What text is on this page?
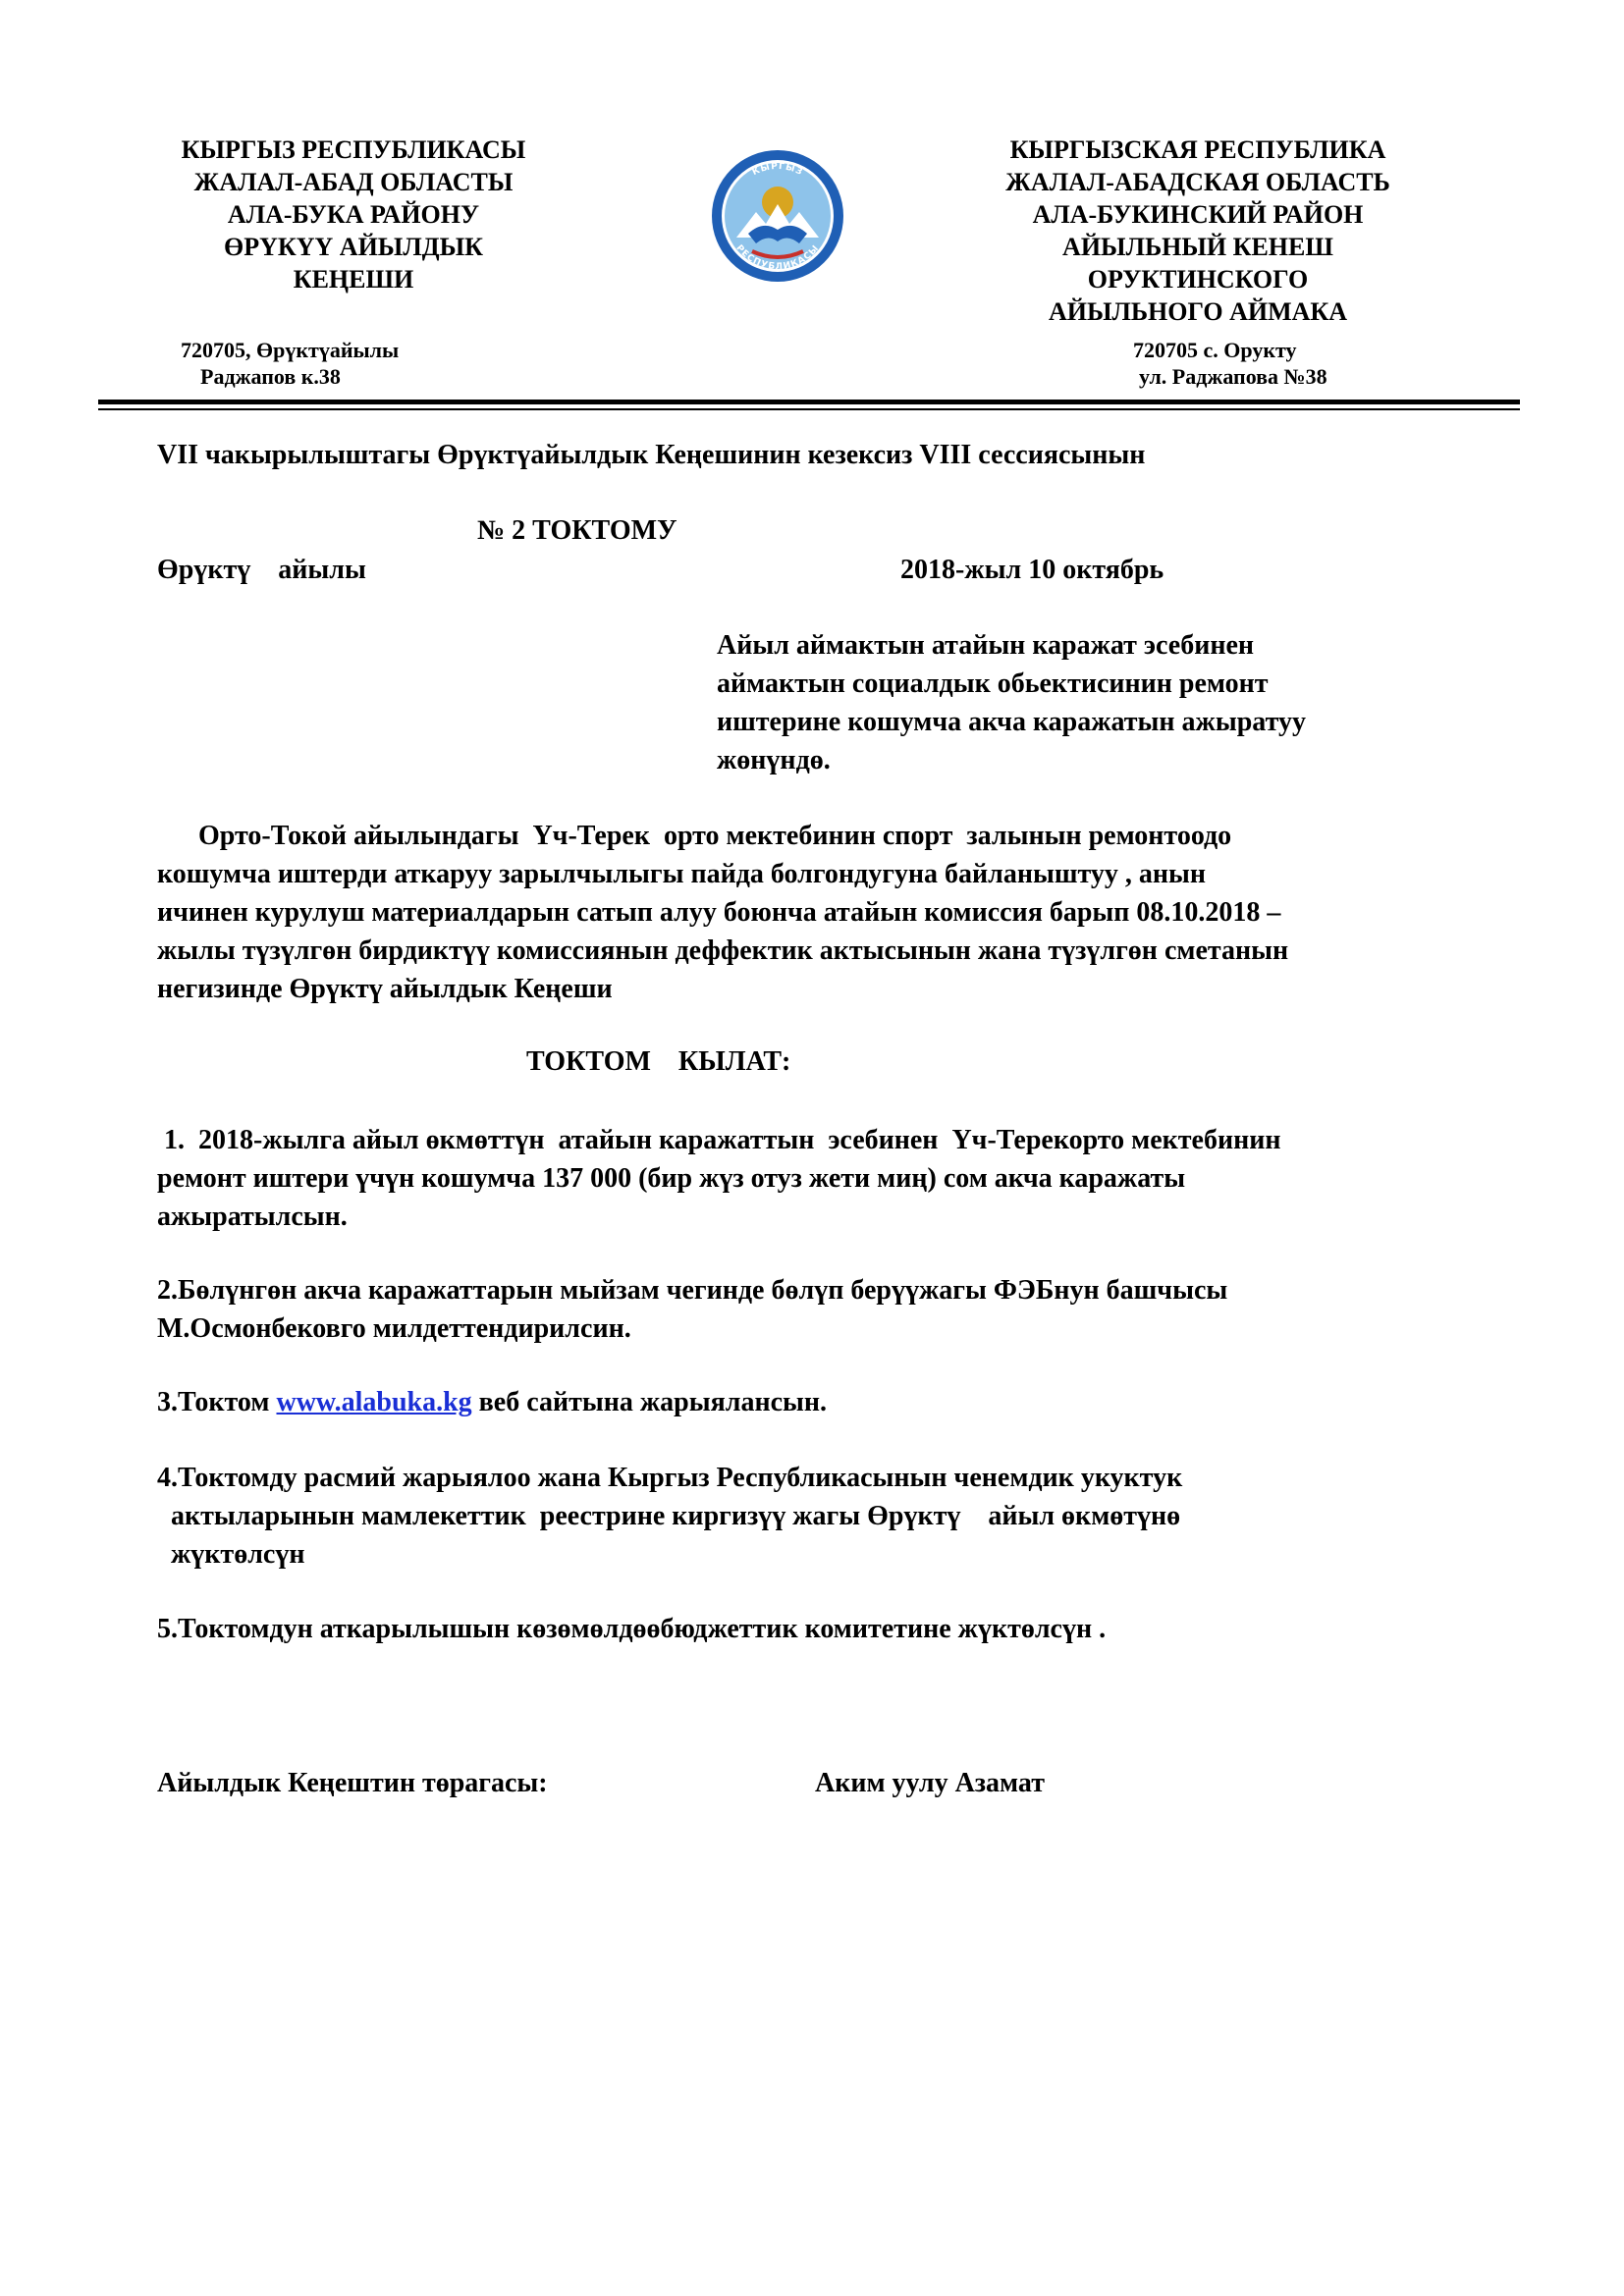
КЫРГЫЗ РЕСПУБЛИКАСЫ
ЖАЛАЛ-АБАД ОБЛАСТЫ
АЛА-БУКА РАЙОНУ
ӨРҮКҮҮ АЙЫЛДЫК
КЕҢЕШИ
КЫРГЫЗ
РЕСПУБЛИКАСЫ
КЫРГЫЗСКАЯ РЕСПУБЛИКА
ЖАЛАЛ-АБАДСКАЯ ОБЛАСТЬ
АЛА-БУКИНСКИЙ РАЙОН
АЙЫЛЬНЫЙ КЕНЕШ
ОРУКТИНСКОГО
АЙЫЛЬНОГО АЙМАКА
720705, Өрүктүайылы
Раджапов к.38
720705 с. Орукту
ул. Раджапова №38
VII чакырылыштагы Өрүктүайылдык Кеңешинин кезексиз VIII сессиясынын
№ 2 ТОКТОМУ
Өрүктү    айылы	2018-жыл 10 октябрь
Айыл аймактын атайын каражат эсебинен
аймактын социалдык обьектисинин ремонт
иштерине кошумча акча каражатын ажыратуу
жөнүндө.
Орто-Токой айылындагы  Үч-Терек  орто мектебинин спорт  залынын ремонтоодо
кошумча иштерди аткаруу зарылчылыгы пайда болгондугуна байланыштуу , анын
ичинен курулуш материалдарын сатып алуу боюнча атайын комиссия барып 08.10.2018 –
жылы түзүлгөн бирдиктүү комиссиянын деффектик актысынын жана түзүлгөн сметанын
негизинде Өрүктү айылдык Кеңеши
ТОКТОМ    КЫЛАТ:
1.  2018-жылга айыл өкмөттүн  атайын каражаттын  эсебинен  Үч-Терекорто мектебинин
ремонт иштери үчүн кошумча 137 000 (бир жүз отуз жети миң) сом акча каражаты
ажыратылсын.
2.Бөлүнгөн акча каражаттарын мыйзам чегинде бөлүп берүүжагы ФЭБнун башчысы
М.Осмонбековго милдеттендирилсин.
3.Токтом www.alabuka.kg веб сайтына жарыялансын.
4.Токтомду расмий жарыялоо жана Кыргыз Республикасынын ченемдик укуктук
актыларынын мамлекеттик  реестрине киргизүү жагы Өрүктү    айыл өкмөтүнө
жүктөлсүн
5.Токтомдун аткарылышын көзөмөлдөөбюджеттик комитетине жүктөлсүн .
Айылдык Кеңештин төрагасы:	Аким уулу Азамат
